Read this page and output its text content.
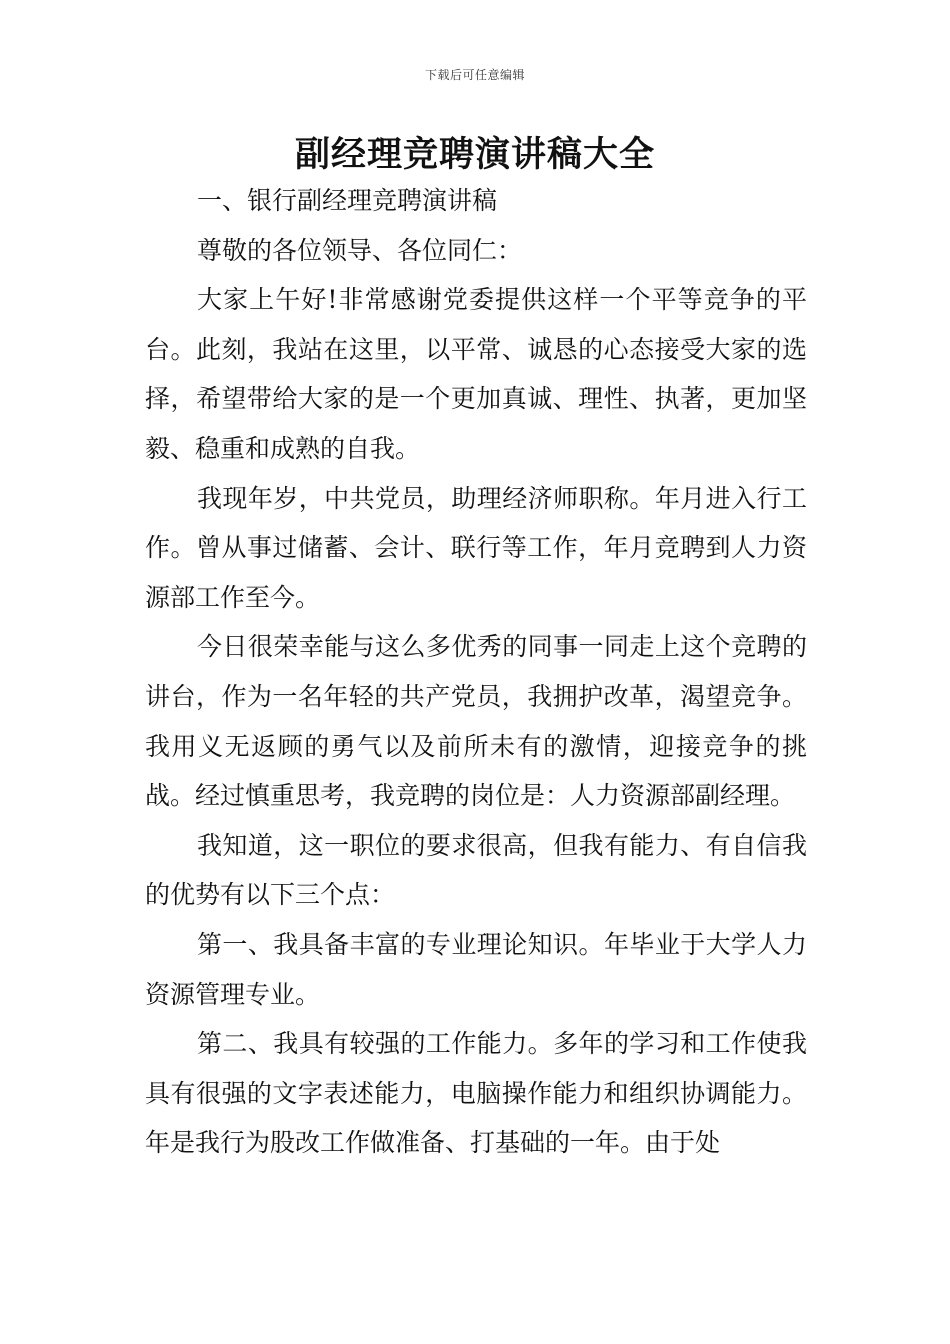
下载后可任意编辑
副经理竞聘演讲稿大全

一、银行副经理竞聘演讲稿

尊敬的各位领导、各位同仁：

大家上午好!非常感谢党委提供这样一个平等竞争的平台。此刻，我站在这里，以平常、诚恳的心态接受大家的选择，希望带给大家的是一个更加真诚、理性、执著，更加坚毅、稳重和成熟的自我。

我现年岁，中共党员，助理经济师职称。年月进入行工作。曾从事过储蓄、会计、联行等工作，年月竞聘到人力资源部工作至今。

今日很荣幸能与这么多优秀的同事一同走上这个竞聘的讲台，作为一名年轻的共产党员，我拥护改革，渴望竞争。我用义无返顾的勇气以及前所未有的激情，迎接竞争的挑战。经过慎重思考，我竞聘的岗位是：人力资源部副经理。

我知道，这一职位的要求很高，但我有能力、有自信我的优势有以下三个点：

第一、我具备丰富的专业理论知识。年毕业于大学人力资源管理专业。

第二、我具有较强的工作能力。多年的学习和工作使我具有很强的文字表述能力，电脑操作能力和组织协调能力。年是我行为股改工作做准备、打基础的一年。由于处
